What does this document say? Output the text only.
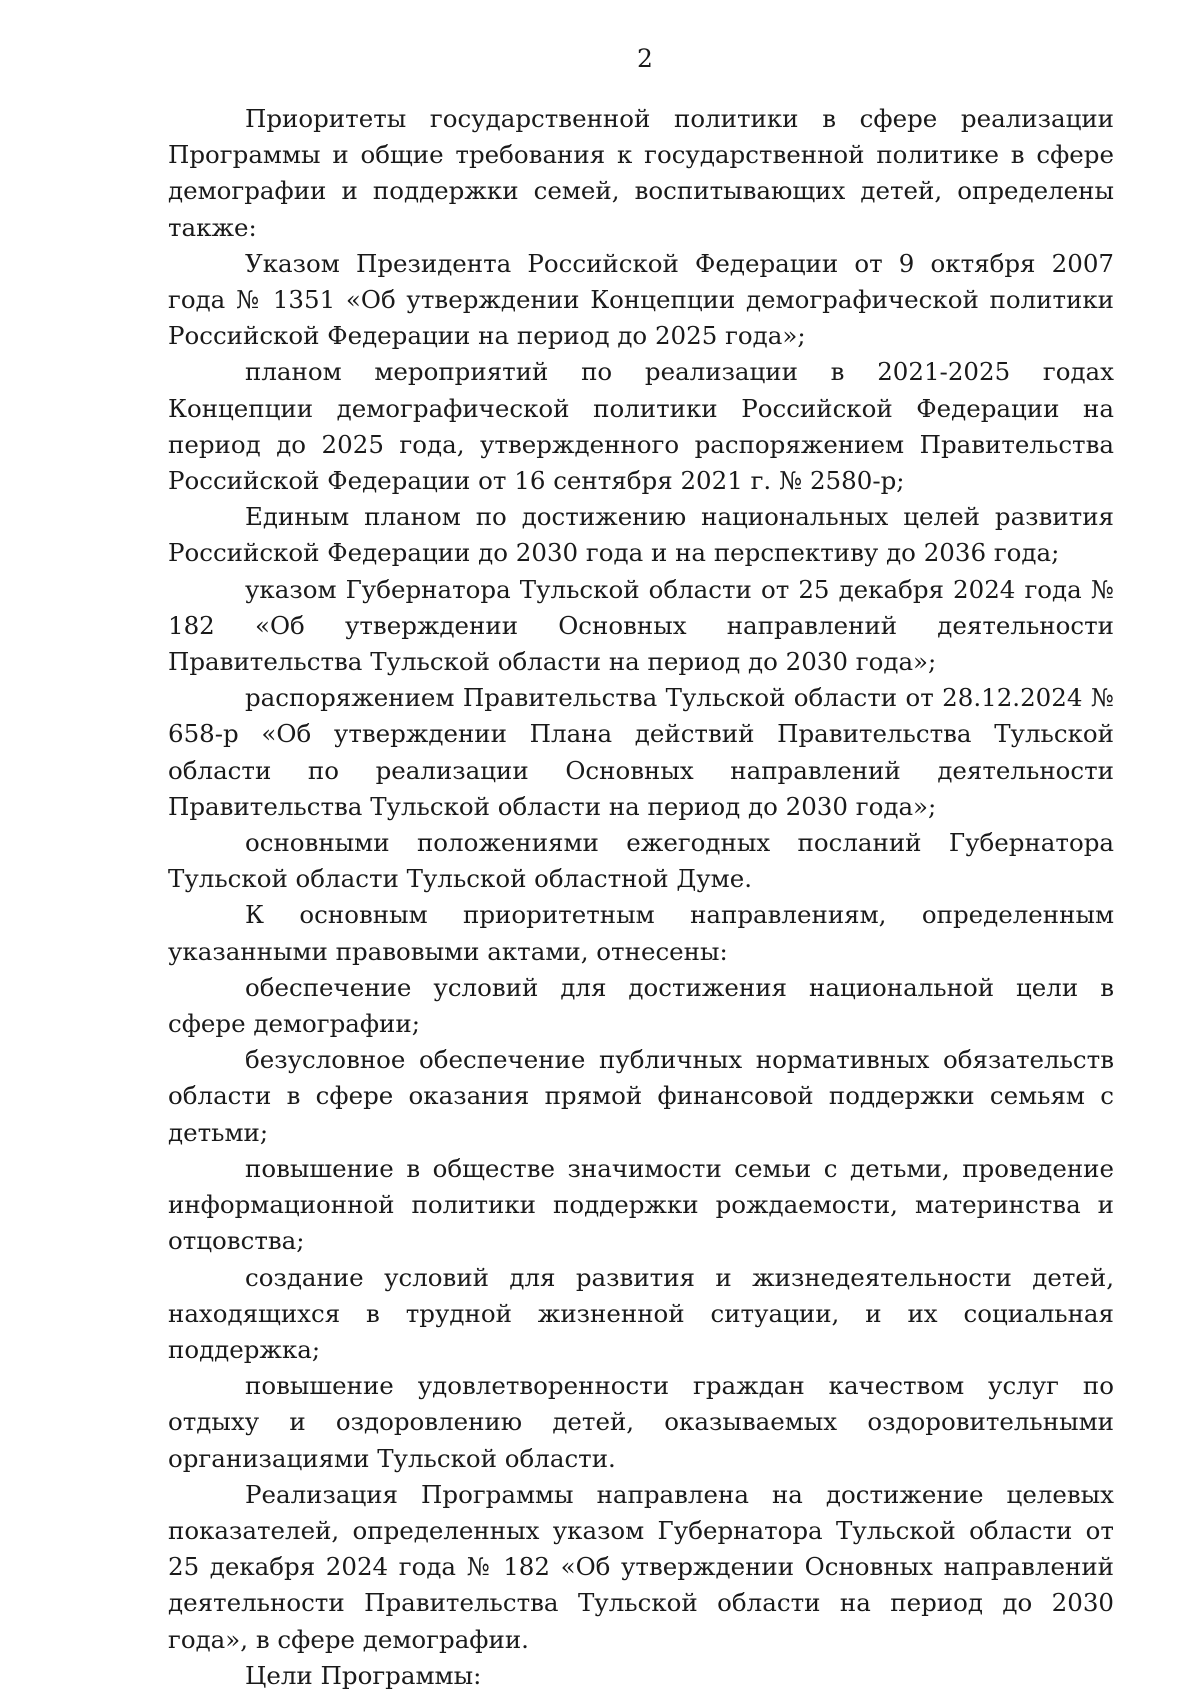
2

Приоритеты государственной политики в сфере реализации Программы и общие требования к государственной политике в сфере демографии и поддержки семей, воспитывающих детей, определены также:

Указом Президента Российской Федерации от 9 октября 2007 года № 1351 «Об утверждении Концепции демографической политики Российской Федерации на период до 2025 года»;

планом мероприятий по реализации в 2021-2025 годах Концепции демографической политики Российской Федерации на период до 2025 года, утвержденного распоряжением Правительства Российской Федерации от 16 сентября 2021 г. № 2580-р;

Единым планом по достижению национальных целей развития Российской Федерации до 2030 года и на перспективу до 2036 года;

указом Губернатора Тульской области от 25 декабря 2024 года № 182 «Об утверждении Основных направлений деятельности Правительства Тульской области на период до 2030 года»;

распоряжением Правительства Тульской области от 28.12.2024 № 658-р «Об утверждении Плана действий Правительства Тульской области по реализации Основных направлений деятельности Правительства Тульской области на период до 2030 года»;

основными положениями ежегодных посланий Губернатора Тульской области Тульской областной Думе.

К основным приоритетным направлениям, определенным указанными правовыми актами, отнесены:

обеспечение условий для достижения национальной цели в сфере демографии;

безусловное обеспечение публичных нормативных обязательств области в сфере оказания прямой финансовой поддержки семьям с детьми;

повышение в обществе значимости семьи с детьми, проведение информационной политики поддержки рождаемости, материнства и отцовства;

создание условий для развития и жизнедеятельности детей, находящихся в трудной жизненной ситуации, и их социальная поддержка;

повышение удовлетворенности граждан качеством услуг по отдыху и оздоровлению детей, оказываемых оздоровительными организациями Тульской области.

Реализация Программы направлена на достижение целевых показателей, определенных указом Губернатора Тульской области от 25 декабря 2024 года № 182 «Об утверждении Основных направлений деятельности Правительства Тульской области на период до 2030 года», в сфере демографии.

Цели Программы:
